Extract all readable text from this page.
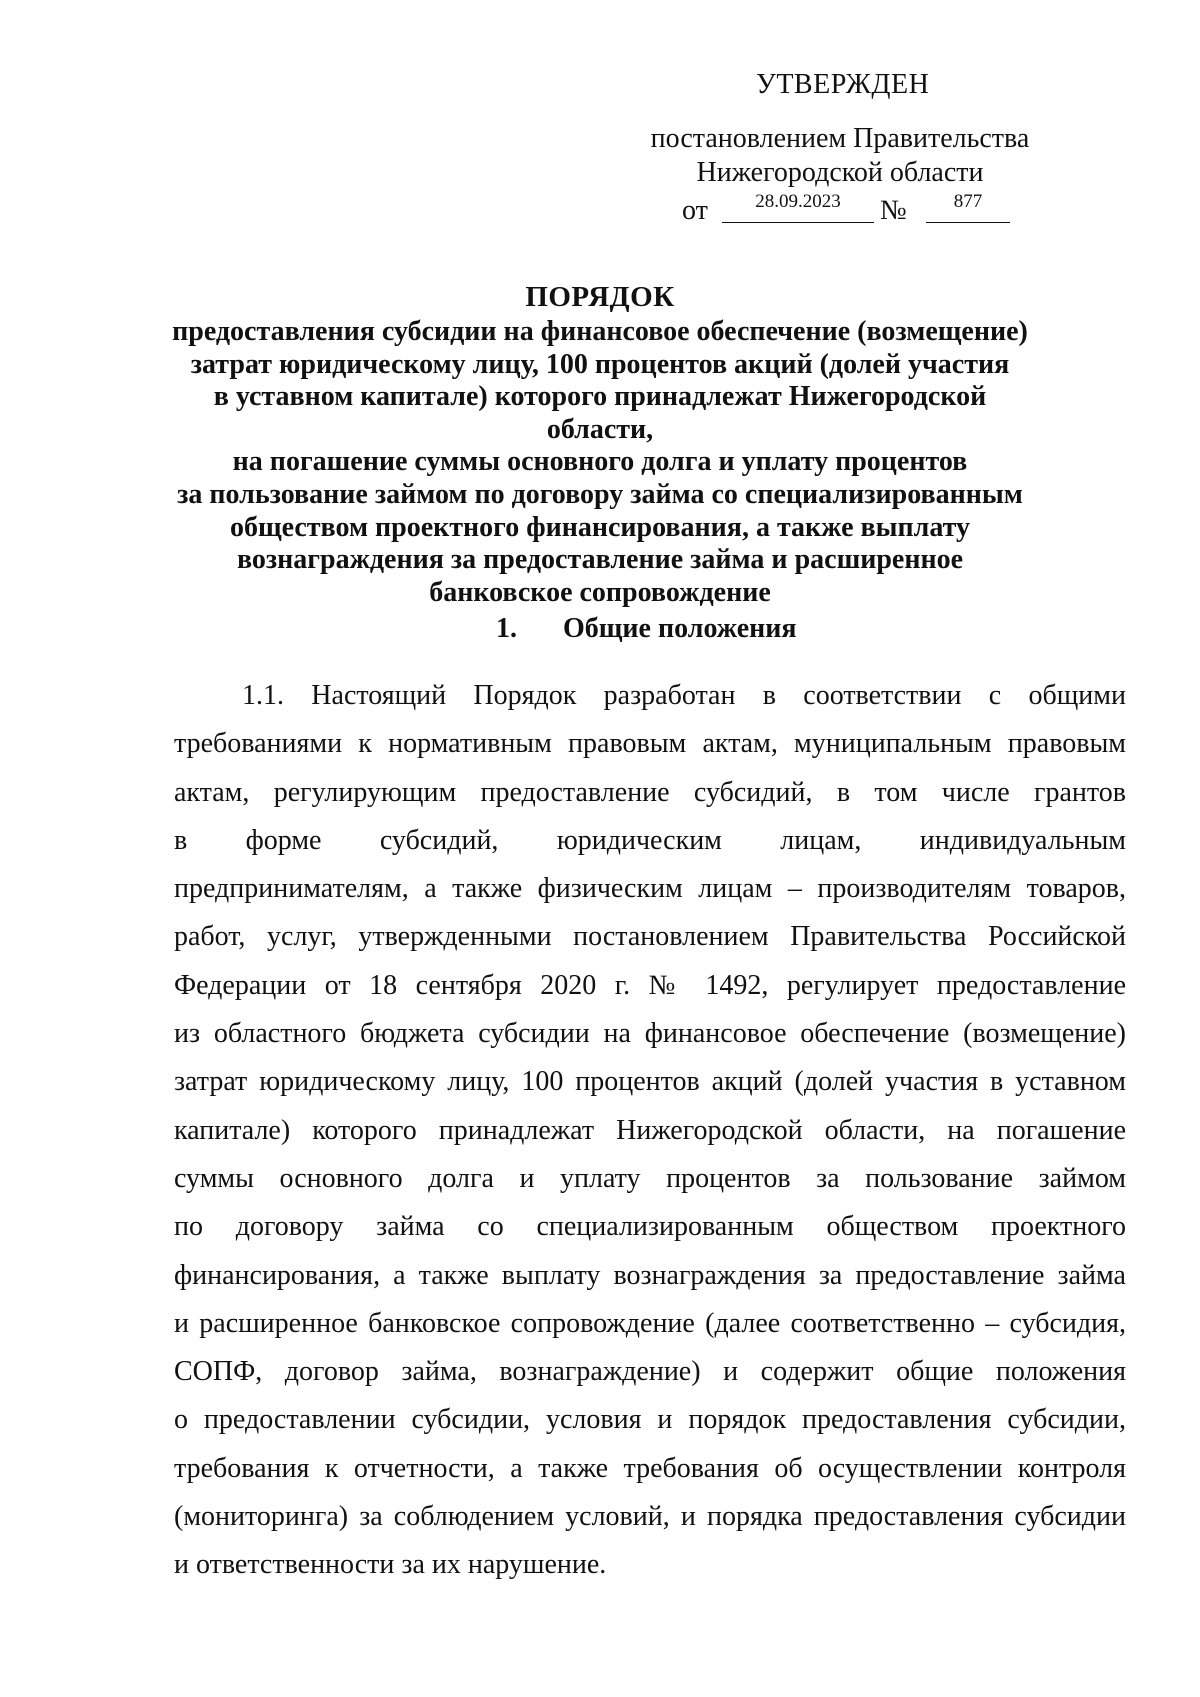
УТВЕРЖДЕН
постановлением Правительства
Нижегородской области
от	28.09.2023	№	877
ПОРЯДОК
предоставления субсидии на финансовое обеспечение (возмещение)
затрат юридическому лицу, 100 процентов акций (долей участия
в уставном капитале) которого принадлежат Нижегородской области,
на погашение суммы основного долга и уплату процентов
за пользование займом по договору займа со специализированным
обществом проектного финансирования, а также выплату
вознаграждения за предоставление займа и расширенное
банковское сопровождение
1. Общие положения
1.1. Настоящий Порядок разработан в соответствии с общими
требованиями к нормативным правовым актам, муниципальным правовым
актам, регулирующим предоставление субсидий, в том числе грантов
в форме субсидий, юридическим лицам, индивидуальным
предпринимателям, а также физическим лицам – производителям товаров,
работ, услуг, утвержденными постановлением Правительства Российской
Федерации от 18 сентября 2020 г. № 1492, регулирует предоставление
из областного бюджета субсидии на финансовое обеспечение (возмещение)
затрат юридическому лицу, 100 процентов акций (долей участия в уставном
капитале) которого принадлежат Нижегородской области, на погашение
суммы основного долга и уплату процентов за пользование займом
по договору займа со специализированным обществом проектного
финансирования, а также выплату вознаграждения за предоставление займа
и расширенное банковское сопровождение (далее соответственно – субсидия,
СОПФ, договор займа, вознаграждение) и содержит общие положения
о предоставлении субсидии, условия и порядок предоставления субсидии,
требования к отчетности, а также требования об осуществлении контроля
(мониторинга) за соблюдением условий, и порядка предоставления субсидии
и ответственности за их нарушение.
